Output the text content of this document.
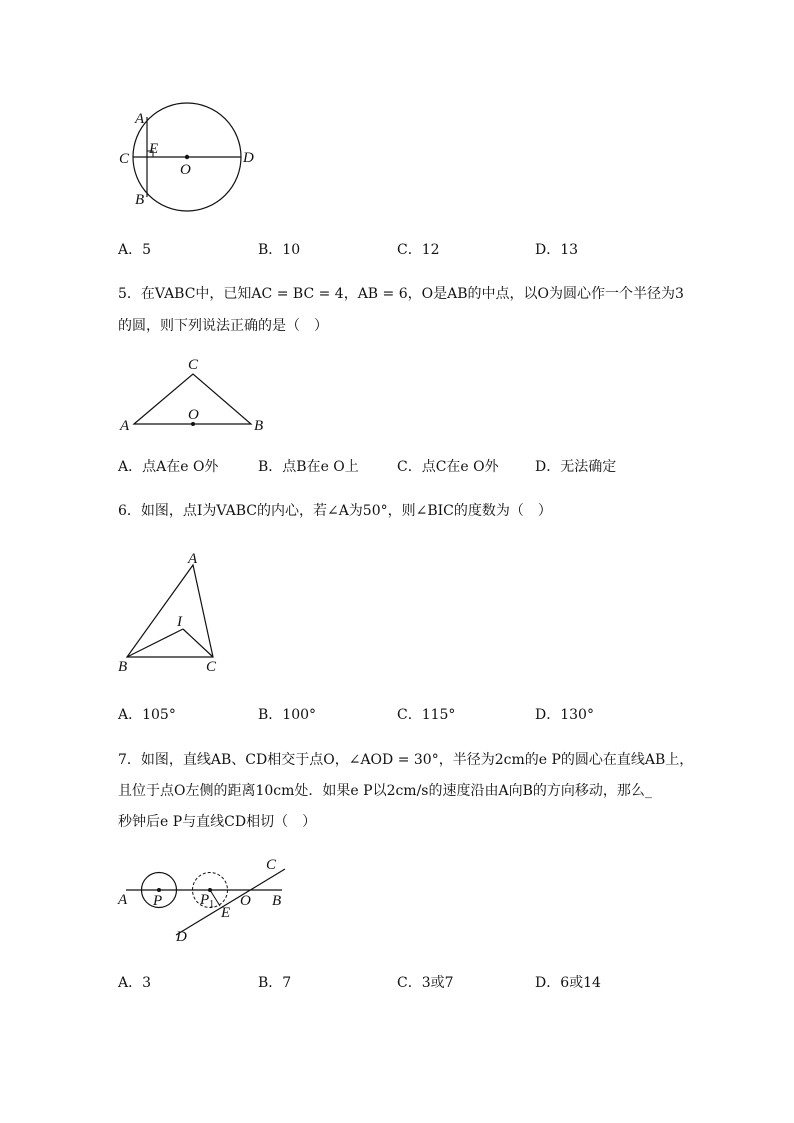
A
B
C	D
E
O
A．5	B．10	C．12	D．13
5．在VABC中，已知AC = BC = 4，AB = 6，O是AB的中点，以O为圆心作一个半径为3
的圆，则下列说法正确的是（　）
A	B
C
O
A．点A在e O外	B．点B在e O上	C．点C在e O外	D．无法确定
6．如图，点I为VABC的内心，若∠A为50°，则∠BIC的度数为（　）
A
B	C
I
A．105°	B．100°	C．115°	D．130°
7．如图，直线AB、CD相交于点O，∠AOD = 30°，半径为2cm的e P的圆心在直线AB上，
且位于点O左侧的距离10cm处．如果e P以2cm/s的速度沿由A向B的方向移动，那么_
秒钟后e P与直线CD相切（　）
A P	$P_1$
E
O B
C
D
A．3	B．7	C．3或7	D．6或14
